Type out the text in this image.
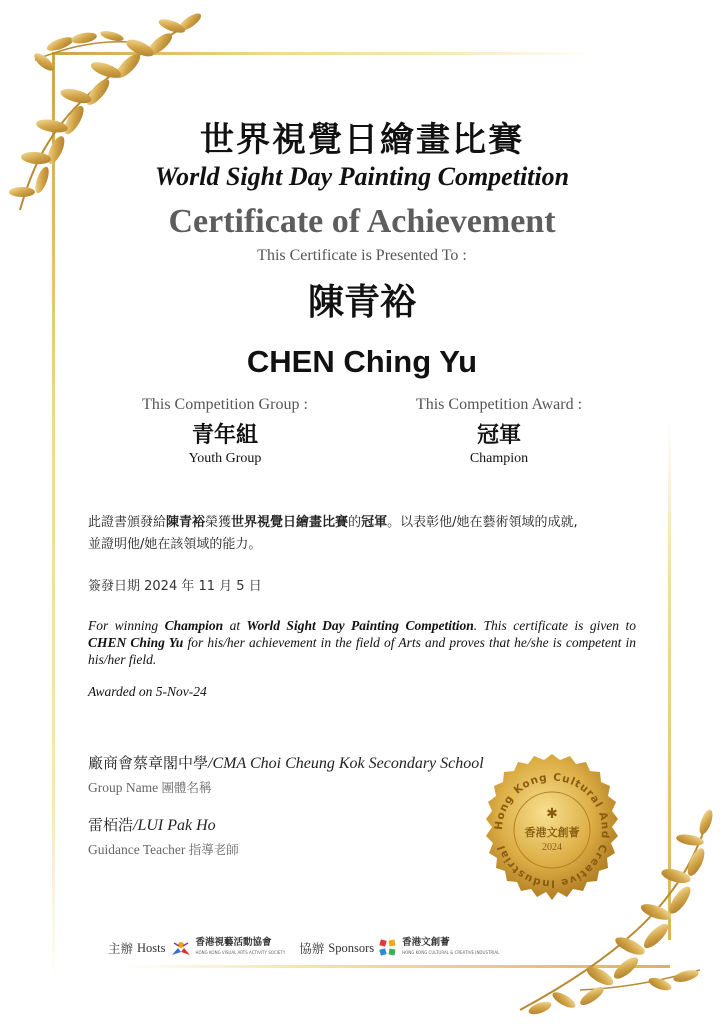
世界視覺日繪畫比賽
World Sight Day Painting Competition
Certificate of Achievement
This Certificate is Presented To :
陳青裕
CHEN Ching Yu
This Competition Group :
青年組
Youth Group
This Competition Award :
冠軍
Champion
此證書頒發給陳青裕榮獲世界視覺日繪畫比賽的冠軍。以表彰他/她在藝術領域的成就,
並證明他/她在該領域的能力。
簽發日期 2024 年 11 月 5 日
For winning Champion at World Sight Day Painting Competition. This certificate is given to CHEN Ching Yu for his/her achievement in the field of Arts and proves that he/she is competent in his/her field.
Awarded on 5-Nov-24
廠商會蔡章閣中學/CMA Choi Cheung Kok Secondary School
Group Name 團體名稱
雷栢浩/LUI Pak Ho
Guidance Teacher 指導老師
Hong Kong Cultural And Creative Industrial
✱
香港文創薈
2024
主辦 Hosts	香港視藝活動協會
HONG KONG VISUAL ARTS ACTIVITY SOCIETY 協辦 Sponsors	香港文創薈
HONG KONG CULTURAL & CREATIVE INDUSTRIAL
